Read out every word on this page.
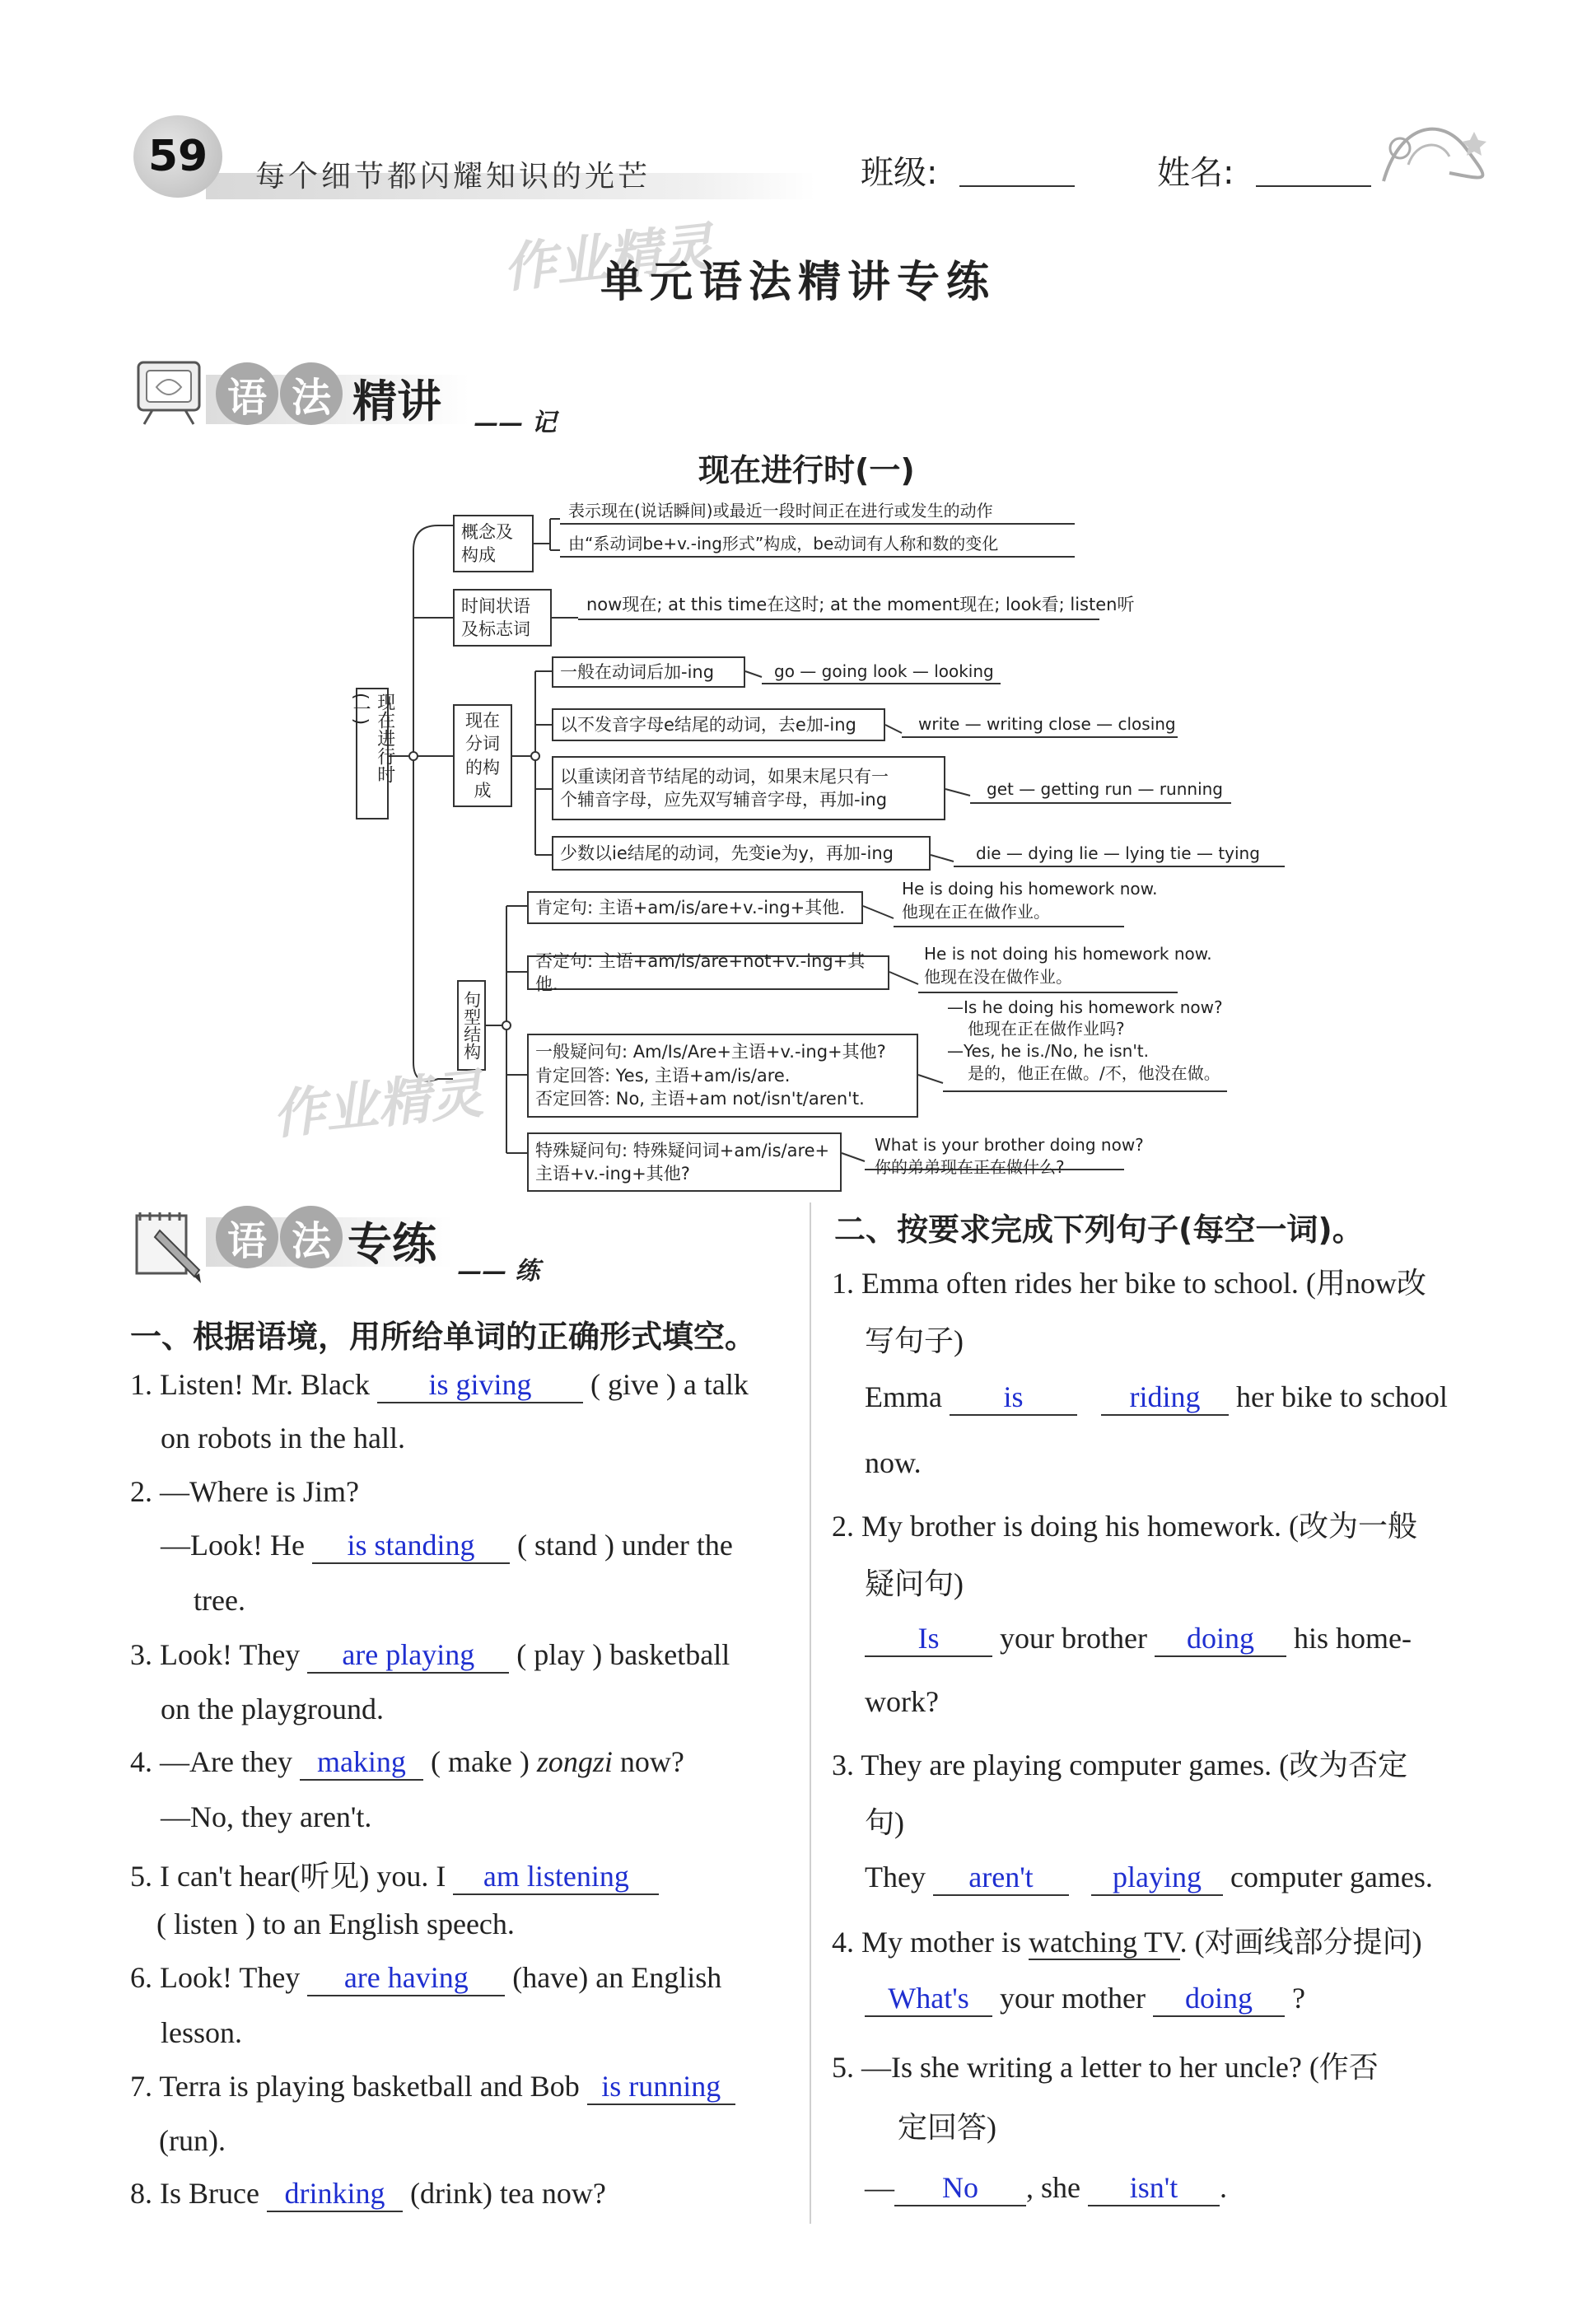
59	每个细节都闪耀知识的光芒	班级:	姓名:
作业精灵
单元语法精讲专练
语 法 精讲 —— 记
现在进行时(一)
现在进行时(一)
概念及构成
表示现在(说话瞬间)或最近一段时间正在进行或发生的动作
由“系动词be+v.-ing形式”构成，be动词有人称和数的变化
时间状语及标志词
now现在; at this time在这时; at the moment现在; look看; listen听
现在分词的构成
一般在动词后加-ing	go — going look — looking
以不发音字母e结尾的动词，去e加-ing	write — writing close — closing
以重读闭音节结尾的动词，如果末尾只有一
个辅音字母，应先双写辅音字母，再加-ing
get — getting run — running
少数以ie结尾的动词，先变ie为y，再加-ing	die — dying lie — lying tie — tying
句型结构
肯定句: 主语+am/is/are+v.-ing+其他.
He is doing his homework now.
他现在正在做作业。
否定句: 主语+am/is/are+not+v.-ing+其他.
He is not doing his homework now.
他现在没在做作业。
一般疑问句: Am/Is/Are+主语+v.-ing+其他?
肯定回答: Yes, 主语+am/is/are.
否定回答: No, 主语+am not/isn't/aren't.
—Is he doing his homework now?
他现在正在做作业吗?
—Yes, he is./No, he isn't.
是的，他正在做。/不，他没在做。
特殊疑问句: 特殊疑问词+am/is/are+
主语+v.-ing+其他?
What is your brother doing now?
你的弟弟现在正在做什么?
作业精灵
语 法 专练
—— 练
一、根据语境，用所给单词的正确形式填空。
1. Listen! Mr. Black is giving ( give ) a talk
on robots in the hall.
2. —Where is Jim?
—Look! He is standing ( stand ) under the
tree.
3. Look! They are playing ( play ) basketball
on the playground.
4. —Are they making ( make ) zongzi now?
—No, they aren't.
5. I can't hear(听见) you. I am listening
( listen ) to an English speech.
6. Look! They are having (have) an English
lesson.
7. Terra is playing basketball and Bob is running
(run).
8. Is Bruce drinking (drink) tea now?
二、按要求完成下列句子(每空一词)。
1. Emma often rides her bike to school. (用now改
写句子)
Emma is	riding her bike to school
now.
2. My brother is doing his homework. (改为一般
疑问句)
Is your brother doing his home-
work?
3. They are playing computer games. (改为否定
句)
They aren't	playing computer games.
4. My mother is watching TV. (对画线部分提问)
What's your mother doing ?
5. —Is she writing a letter to her uncle? (作否
定回答)
— No , she isn't .
